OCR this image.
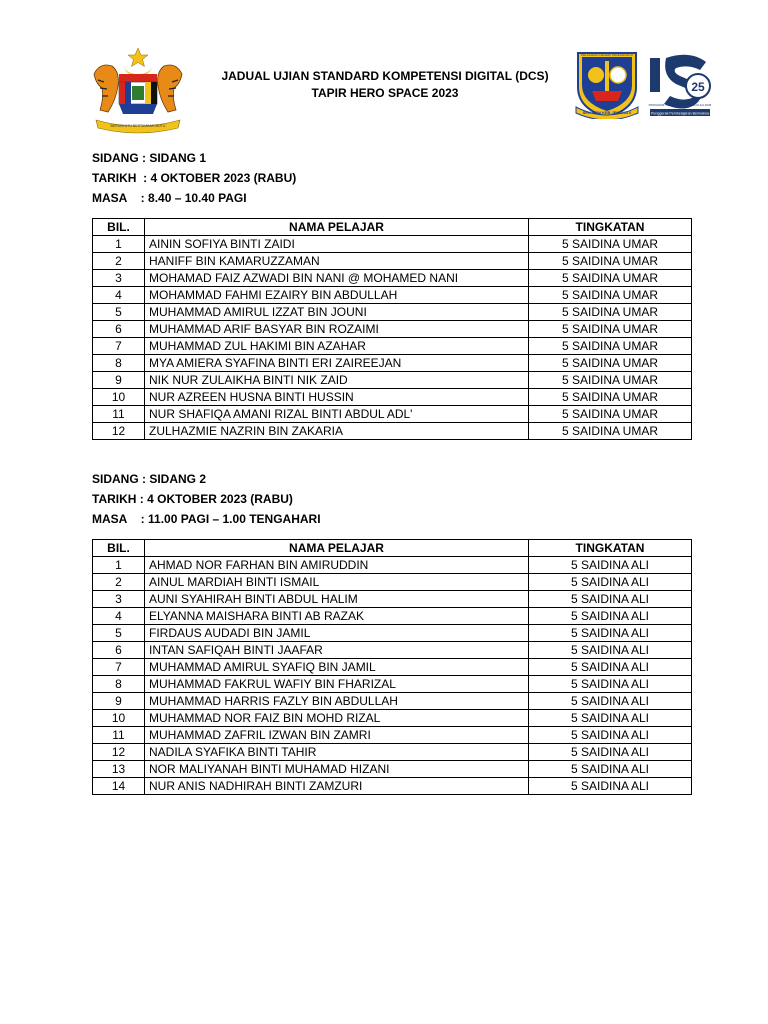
BERSEKUTU BERTAMBAH MUTU
JADUAL UJIAN STANDARD KOMPETENSI DIGITAL (DCS)
TAPIR HERO SPACE 2023
SEK MEN KEB JENGKA 6
PELAJARAN NEGERI TERENGGANU
25
PROGRAM TRANSFORMASI SEKOLAH 2025
Penggerak Pembelajaran Bermakna
SIDANG : SIDANG 1
TARIKH : 4 OKTOBER 2023 (RABU)
MASA : 8.40 – 10.40 PAGI
BIL.	NAMA PELAJAR	TINGKATAN
1	AININ SOFIYA BINTI ZAIDI	5 SAIDINA UMAR
2	HANIFF BIN KAMARUZZAMAN	5 SAIDINA UMAR
3	MOHAMAD FAIZ AZWADI BIN NANI @ MOHAMED NANI	5 SAIDINA UMAR
4	MOHAMMAD FAHMI EZAIRY BIN ABDULLAH	5 SAIDINA UMAR
5	MUHAMMAD AMIRUL IZZAT BIN JOUNI	5 SAIDINA UMAR
6	MUHAMMAD ARIF BASYAR BIN ROZAIMI	5 SAIDINA UMAR
7	MUHAMMAD ZUL HAKIMI BIN AZAHAR	5 SAIDINA UMAR
8	MYA AMIERA SYAFINA BINTI ERI ZAIREEJAN	5 SAIDINA UMAR
9	NIK NUR ZULAIKHA BINTI NIK ZAID	5 SAIDINA UMAR
10	NUR AZREEN HUSNA BINTI HUSSIN	5 SAIDINA UMAR
11	NUR SHAFIQA AMANI RIZAL BINTI ABDUL ADL'	5 SAIDINA UMAR
12	ZULHAZMIE NAZRIN BIN ZAKARIA	5 SAIDINA UMAR
SIDANG : SIDANG 2
TARIKH : 4 OKTOBER 2023 (RABU)
MASA : 11.00 PAGI – 1.00 TENGAHARI
BIL.	NAMA PELAJAR	TINGKATAN
1	AHMAD NOR FARHAN BIN AMIRUDDIN	5 SAIDINA ALI
2	AINUL MARDIAH BINTI ISMAIL	5 SAIDINA ALI
3	AUNI SYAHIRAH BINTI ABDUL HALIM	5 SAIDINA ALI
4	ELYANNA MAISHARA BINTI AB RAZAK	5 SAIDINA ALI
5	FIRDAUS AUDADI BIN JAMIL	5 SAIDINA ALI
6	INTAN SAFIQAH BINTI JAAFAR	5 SAIDINA ALI
7	MUHAMMAD AMIRUL SYAFIQ BIN JAMIL	5 SAIDINA ALI
8	MUHAMMAD FAKRUL WAFIY BIN FHARIZAL	5 SAIDINA ALI
9	MUHAMMAD HARRIS FAZLY BIN ABDULLAH	5 SAIDINA ALI
10	MUHAMMAD NOR FAIZ BIN MOHD RIZAL	5 SAIDINA ALI
11	MUHAMMAD ZAFRIL IZWAN BIN ZAMRI	5 SAIDINA ALI
12	NADILA SYAFIKA BINTI TAHIR	5 SAIDINA ALI
13	NOR MALIYANAH BINTI MUHAMAD HIZANI	5 SAIDINA ALI
14	NUR ANIS NADHIRAH BINTI ZAMZURI	5 SAIDINA ALI
